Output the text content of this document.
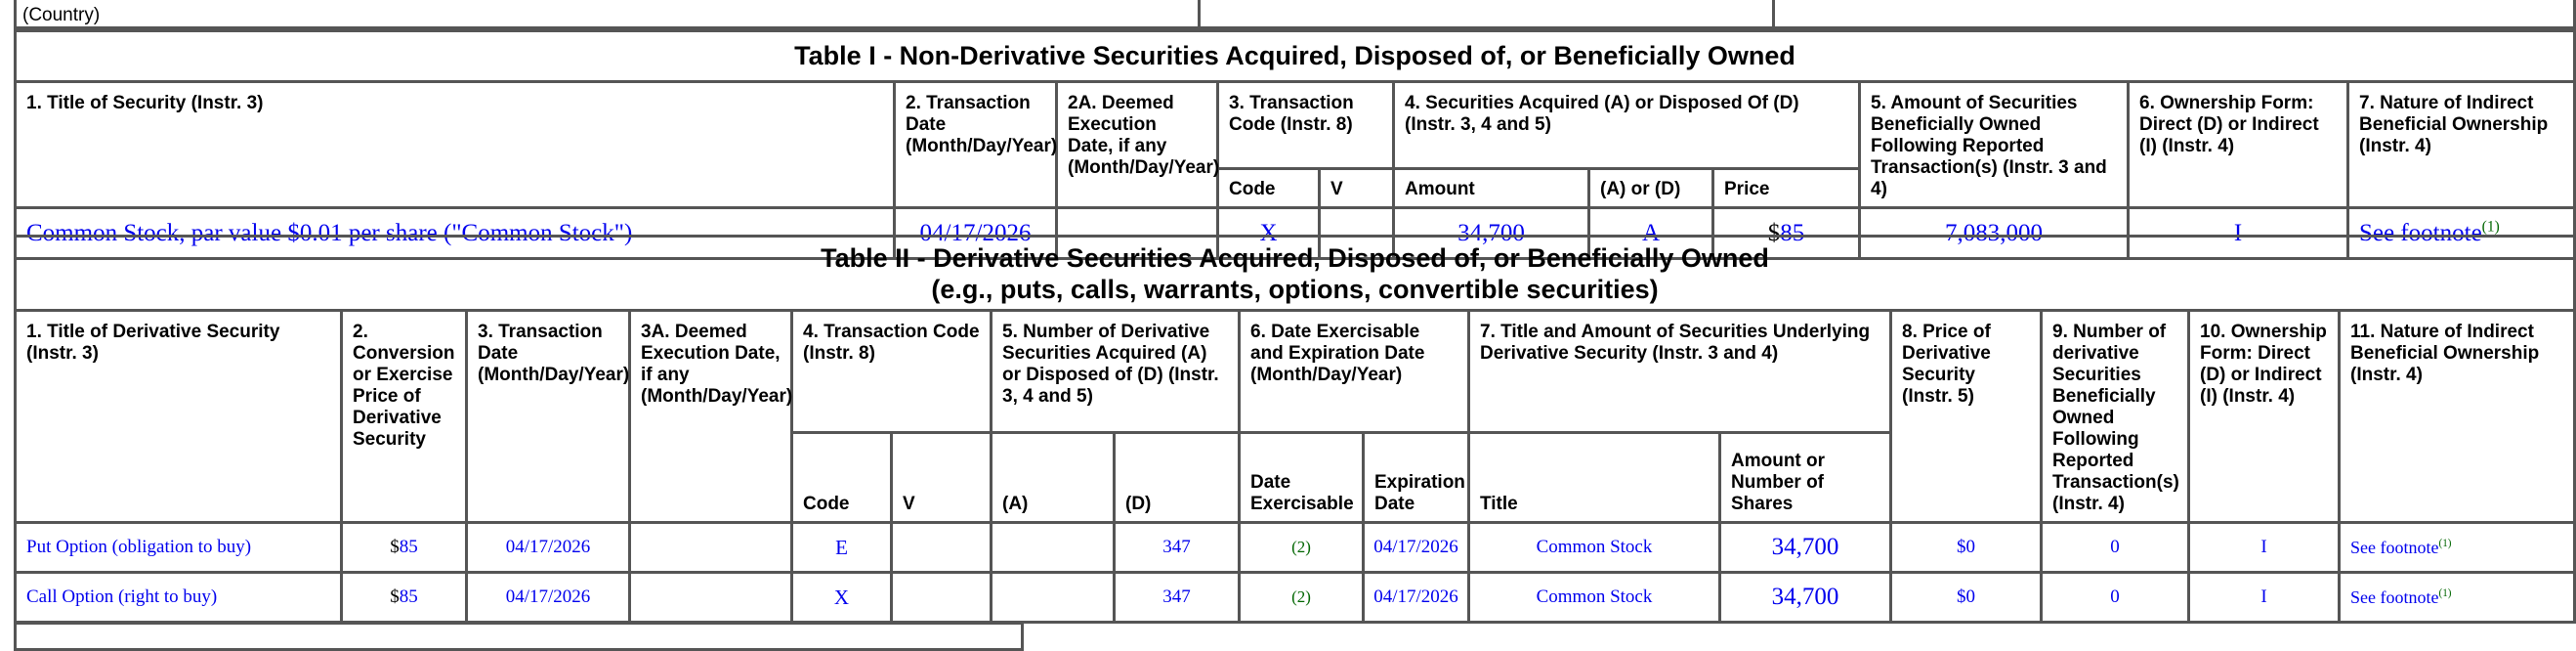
(Country)		
Table I - Non-Derivative Securities Acquired, Disposed of, or Beneficially Owned										
1. Title of Security (Instr. 3)	2. Transaction Date (Month/Day/Year)	2A. Deemed Execution Date, if any (Month/Day/Year)	3. Transaction Code (Instr. 8)		4. Securities Acquired (A) or Disposed Of (D) (Instr. 3, 4 and 5)			5. Amount of Securities Beneficially Owned Following Reported Transaction(s) (Instr. 3 and 4)	6. Ownership Form: Direct (D) or Indirect (I) (Instr. 4)	7. Nature of Indirect Beneficial Ownership (Instr. 4)
			Code	V	Amount	(A) or (D)	Price			
Common Stock, par value $0.01 per share ("Common Stock")	04/17/2026		X		34,700	A	$85	7,083,000	I	See footnote$^{(1)}$
Table II - Derivative Securities Acquired, Disposed of, or Beneficially Owned
(e.g., puts, calls, warrants, options, convertible securities)															

1. Title of Derivative Security (Instr. 3)	2. Conversion or Exercise Price of Derivative Security	3. Transaction Date (Month/Day/Year)	3A. Deemed Execution Date, if any (Month/Day/Year)	4. Transaction Code (Instr. 8)		5. Number of Derivative Securities Acquired (A) or Disposed of (D) (Instr. 3, 4 and 5)		6. Date Exercisable and Expiration Date (Month/Day/Year)		7. Title and Amount of Securities Underlying Derivative Security (Instr. 3 and 4)		8. Price of Derivative Security (Instr. 5)	9. Number of derivative Securities Beneficially Owned Following Reported Transaction(s) (Instr. 4)	10. Ownership Form: Direct (D) or Indirect (I) (Instr. 4)	11. Nature of Indirect Beneficial Ownership (Instr. 4)
				Code	V	(A)	(D)	Date Exercisable	Expiration Date	Title	Amount or Number of Shares				
Put Option (obligation to buy)	$85	04/17/2026		E			347	(2)	04/17/2026	Common Stock	34,700	$0	0	I	See footnote$^{(1)}$
Call Option (right to buy)	$85	04/17/2026		X			347	(2)	04/17/2026	Common Stock	34,700	$0	0	I	See footnote$^{(1)}$
